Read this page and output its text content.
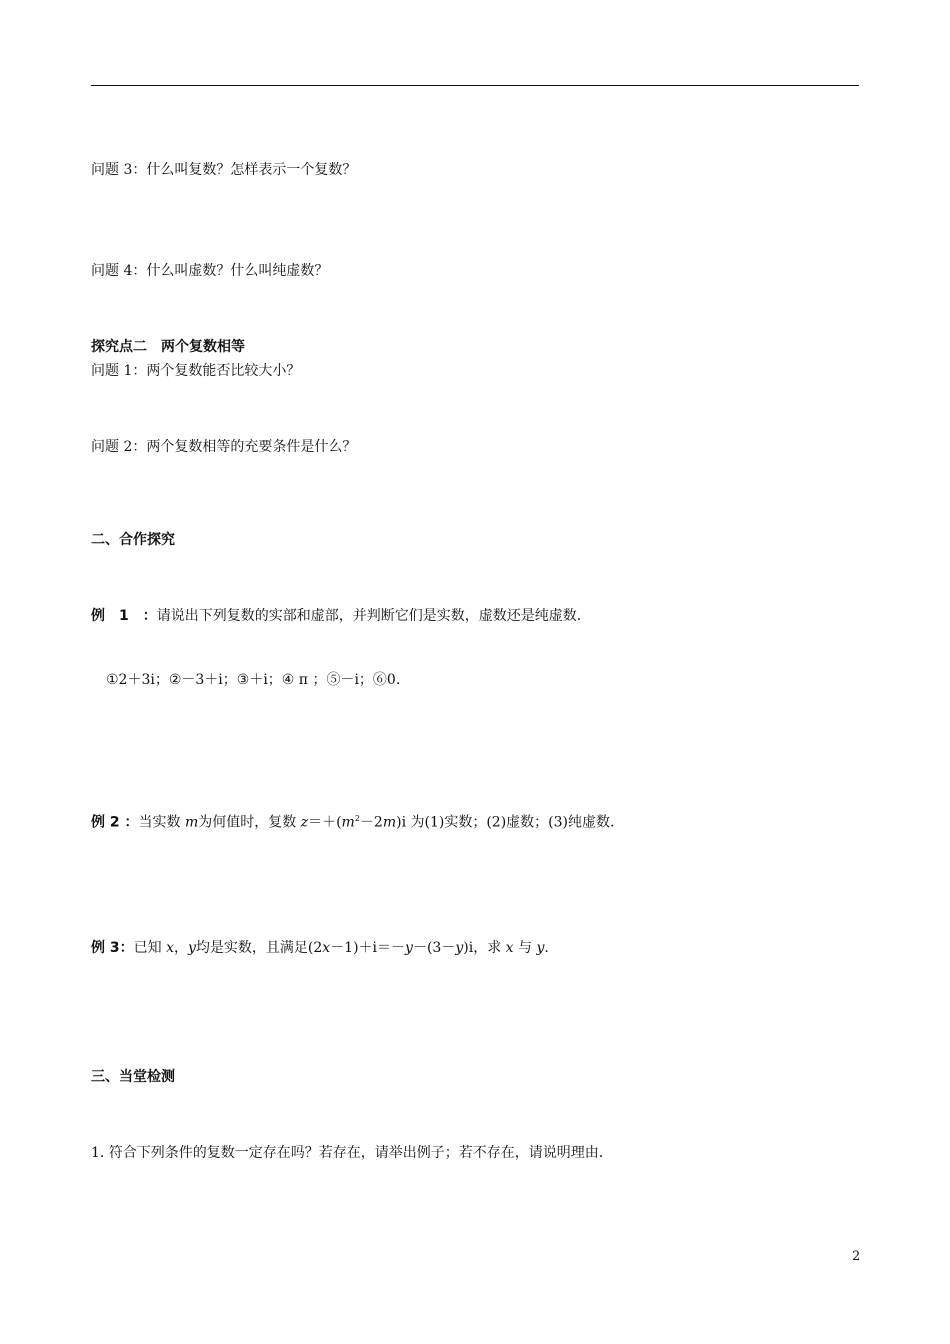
问题 3：什么叫复数？怎样表示一个复数？
问题 4：什么叫虚数？什么叫纯虚数？
探究点二　两个复数相等
问题 1：两个复数能否比较大小？
问题 2：两个复数相等的充要条件是什么？
二、合作探究
例　1　：请说出下列复数的实部和虚部，并判断它们是实数，虚数还是纯虚数．
①2＋3i；②－3＋i；③＋i；④ π ；⑤－i；⑥0.
例 2 ：当实数 m为何值时，复数 $z=+(m^2-2m)i$ 为(1)实数；(2)虚数；(3)纯虚数．
例 3：已知 x，y均是实数，且满足(2x－1)＋i＝－y－(3－y)i，求 x 与 y.
三、当堂检测
1. 符合下列条件的复数一定存在吗？若存在，请举出例子；若不存在，请说明理由．
2
